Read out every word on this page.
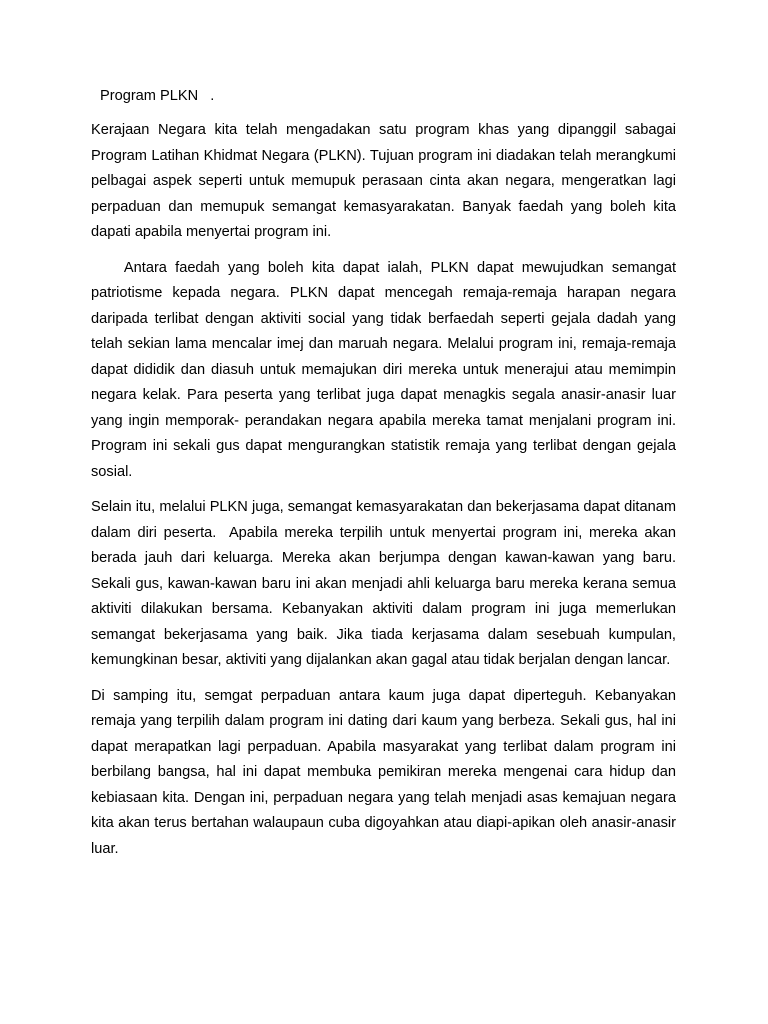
Program PLKN   .

Kerajaan Negara kita telah mengadakan satu program khas yang dipanggil sabagai Program Latihan Khidmat Negara (PLKN). Tujuan program ini diadakan telah merangkumi pelbagai aspek seperti untuk memupuk perasaan cinta akan negara, mengeratkan lagi perpaduan dan memupuk semangat kemasyarakatan. Banyak faedah yang boleh kita dapati apabila menyertai program ini.

Antara faedah yang boleh kita dapat ialah, PLKN dapat mewujudkan semangat patriotisme kepada negara. PLKN dapat mencegah remaja-remaja harapan negara daripada terlibat dengan aktiviti social yang tidak berfaedah seperti gejala dadah yang telah sekian lama mencalar imej dan maruah negara. Melalui program ini, remaja-remaja dapat dididik dan diasuh untuk memajukan diri mereka untuk menerajui atau memimpin negara kelak. Para peserta yang terlibat juga dapat menagkis segala anasir-anasir luar yang ingin memporak- perandakan negara apabila mereka tamat menjalani program ini. Program ini sekali gus dapat mengurangkan statistik remaja yang terlibat dengan gejala sosial.

Selain itu, melalui PLKN juga, semangat kemasyarakatan dan bekerjasama dapat ditanam dalam diri peserta.  Apabila mereka terpilih untuk menyertai program ini, mereka akan berada jauh dari keluarga. Mereka akan berjumpa dengan kawan-kawan yang baru. Sekali gus, kawan-kawan baru ini akan menjadi ahli keluarga baru mereka kerana semua aktiviti dilakukan bersama. Kebanyakan aktiviti dalam program ini juga memerlukan semangat bekerjasama yang baik. Jika tiada kerjasama dalam sesebuah kumpulan, kemungkinan besar, aktiviti yang dijalankan akan gagal atau tidak berjalan dengan lancar.

Di samping itu, semgat perpaduan antara kaum juga dapat diperteguh. Kebanyakan remaja yang terpilih dalam program ini dating dari kaum yang berbeza. Sekali gus, hal ini dapat merapatkan lagi perpaduan. Apabila masyarakat yang terlibat dalam program ini berbilang bangsa, hal ini dapat membuka pemikiran mereka mengenai cara hidup dan kebiasaan kita. Dengan ini, perpaduan negara yang telah menjadi asas kemajuan negara kita akan terus bertahan walaupaun cuba digoyahkan atau diapi-apikan oleh anasir-anasir luar.
